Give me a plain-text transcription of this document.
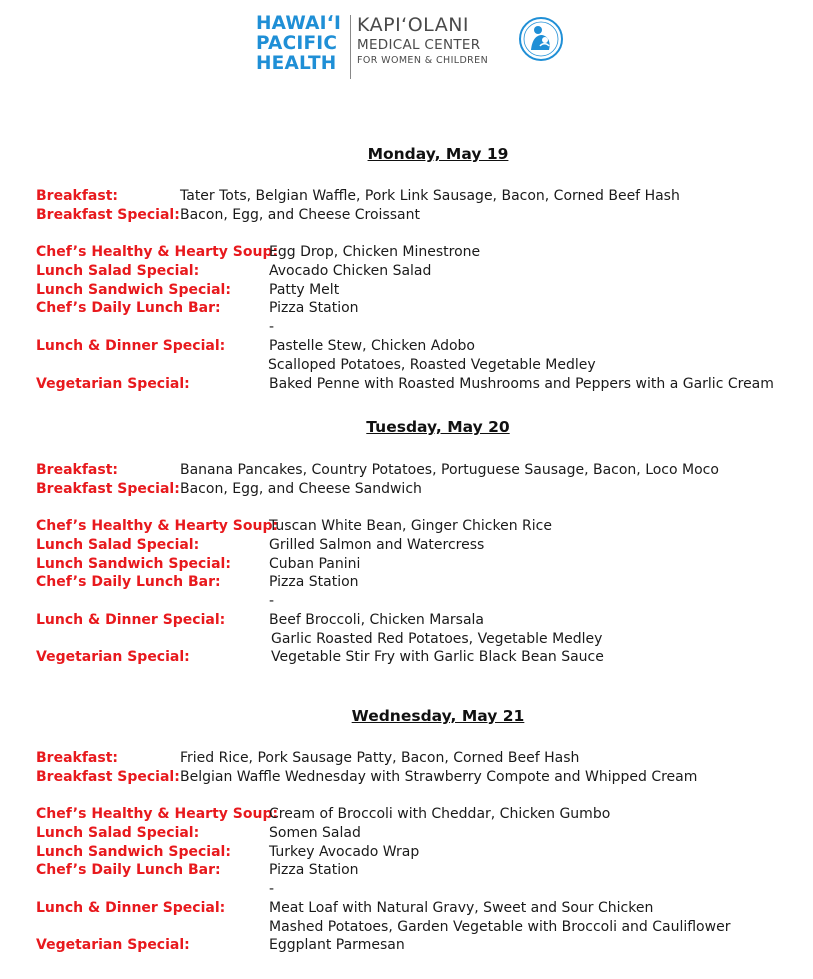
HAWAIʻI
PACIFIC
HEALTH
KAPIʻOLANI
MEDICAL CENTER
FOR WOMEN & CHILDREN
Monday, May 19
Breakfast:	Tater Tots, Belgian Waffle, Pork Link Sausage, Bacon, Corned Beef Hash
Breakfast Special: Bacon, Egg, and Cheese Croissant
Chef’s Healthy & Hearty Soup:
Egg Drop, Chicken Minestrone
Lunch Salad Special:	Avocado Chicken Salad
Lunch Sandwich Special:	Patty Melt
Chef’s Daily Lunch Bar:	Pizza Station
-
Lunch & Dinner Special:	Pastelle Stew, Chicken Adobo
Scalloped Potatoes, Roasted Vegetable Medley
Vegetarian Special:	Baked Penne with Roasted Mushrooms and Peppers with a Garlic Cream
Tuesday, May 20
Breakfast:	Banana Pancakes, Country Potatoes, Portuguese Sausage, Bacon, Loco Moco
Breakfast Special: Bacon, Egg, and Cheese Sandwich
Chef’s Healthy & Hearty Soup:
Tuscan White Bean, Ginger Chicken Rice
Lunch Salad Special:	Grilled Salmon and Watercress
Lunch Sandwich Special:	Cuban Panini
Chef’s Daily Lunch Bar:	Pizza Station
-
Lunch & Dinner Special:	Beef Broccoli, Chicken Marsala
Garlic Roasted Red Potatoes, Vegetable Medley
Vegetarian Special:	Vegetable Stir Fry with Garlic Black Bean Sauce
Wednesday, May 21
Breakfast:	Fried Rice, Pork Sausage Patty, Bacon, Corned Beef Hash
Breakfast Special: Belgian Waffle Wednesday with Strawberry Compote and Whipped Cream
Chef’s Healthy & Hearty Soup:
Cream of Broccoli with Cheddar, Chicken Gumbo
Lunch Salad Special:	Somen Salad
Lunch Sandwich Special:	Turkey Avocado Wrap
Chef’s Daily Lunch Bar:	Pizza Station
-
Lunch & Dinner Special:	Meat Loaf with Natural Gravy, Sweet and Sour Chicken
Mashed Potatoes, Garden Vegetable with Broccoli and Cauliflower
Vegetarian Special:	Eggplant Parmesan
